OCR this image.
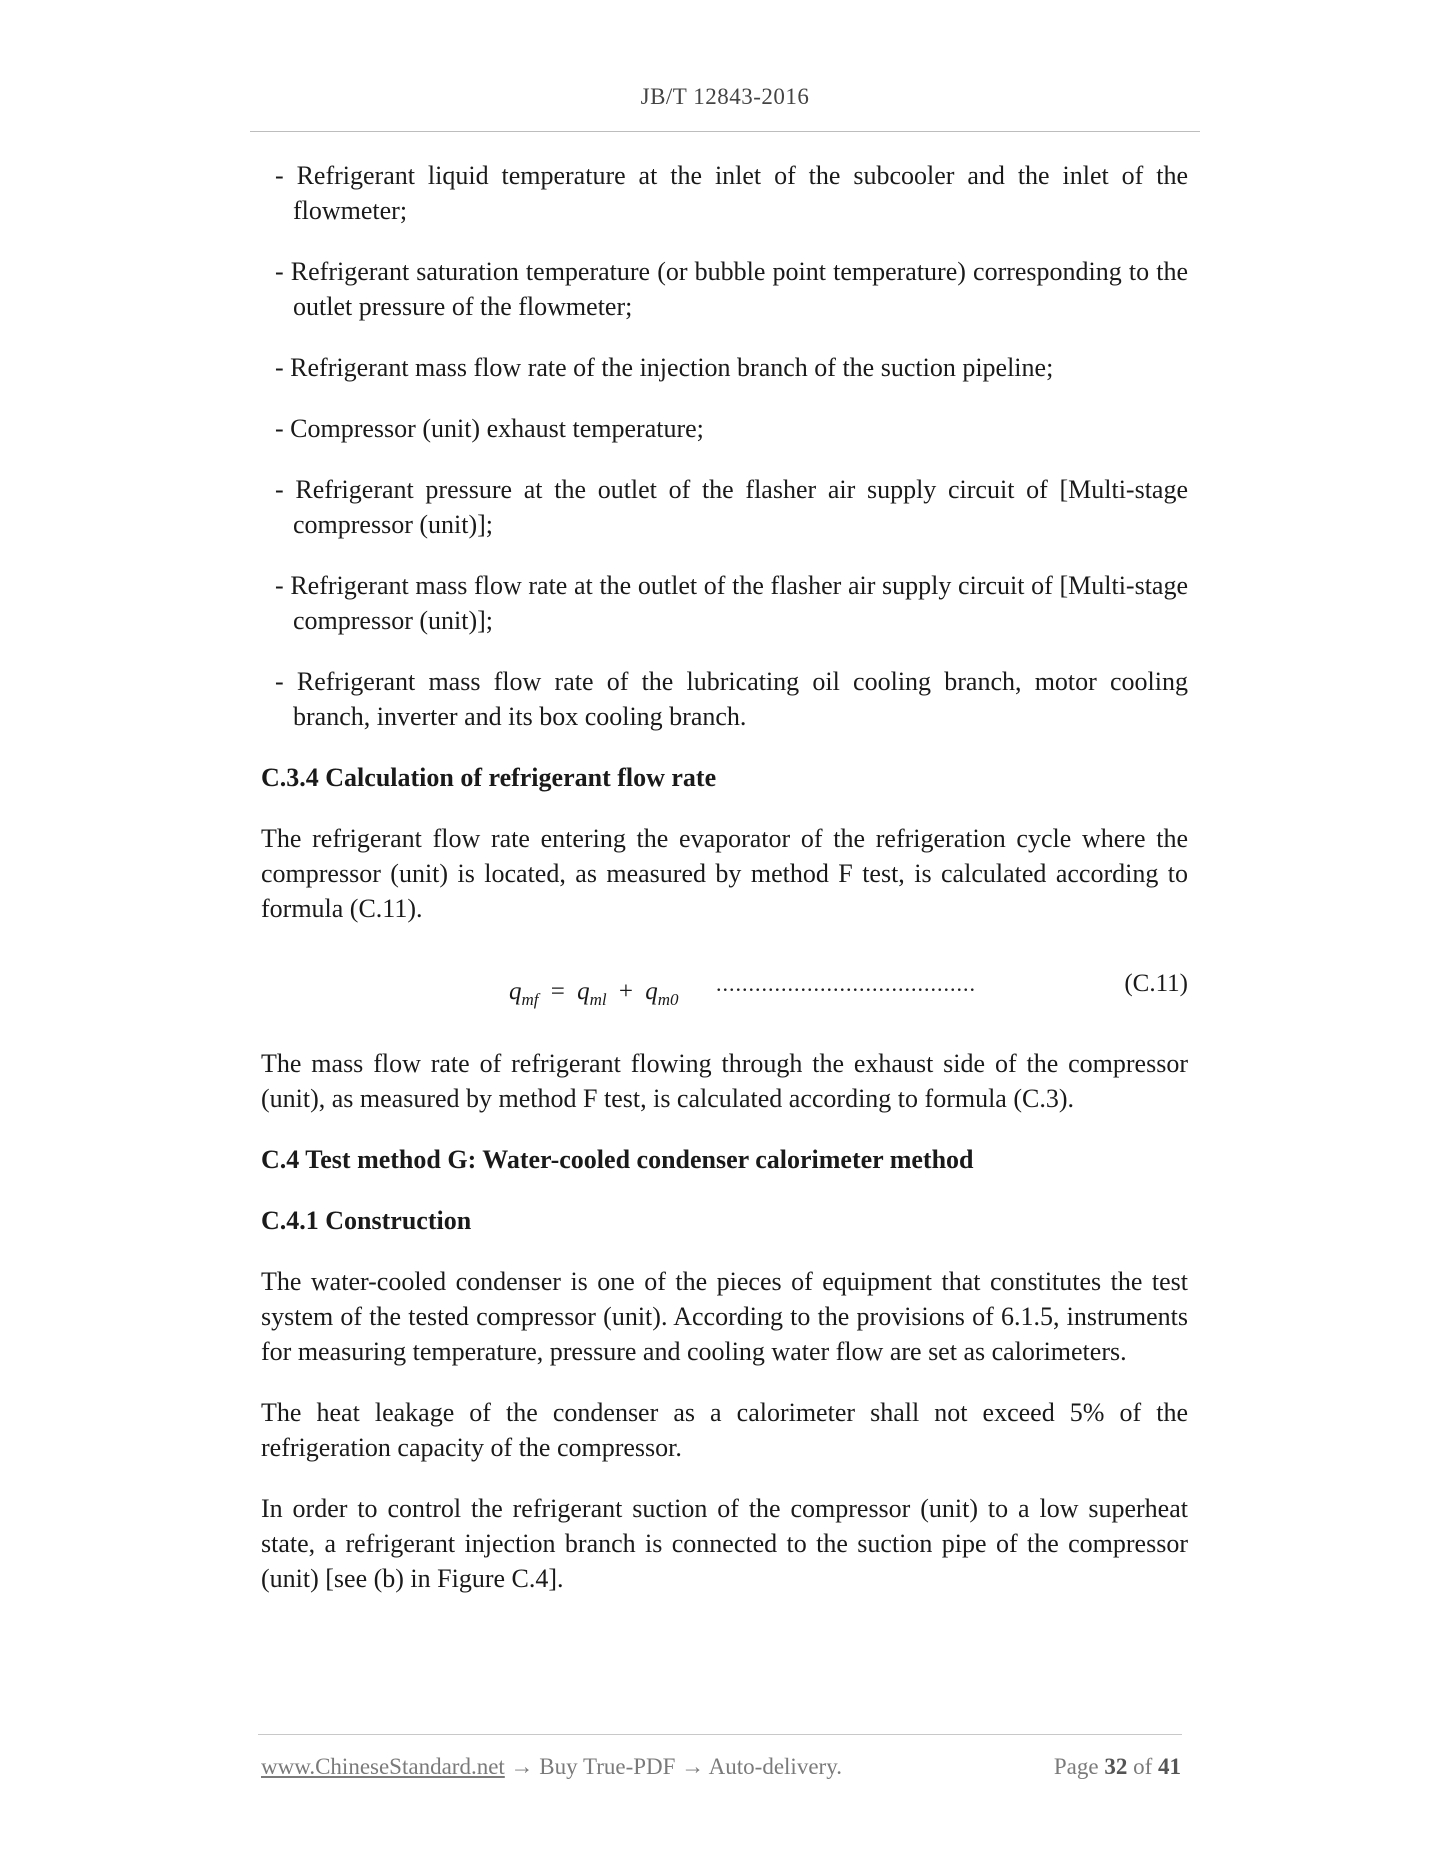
JB/T 12843-2016

- Refrigerant liquid temperature at the inlet of the subcooler and the inlet of the flowmeter;

- Refrigerant saturation temperature (or bubble point temperature) corresponding to the outlet pressure of the flowmeter;

- Refrigerant mass flow rate of the injection branch of the suction pipeline;

- Compressor (unit) exhaust temperature;

- Refrigerant pressure at the outlet of the flasher air supply circuit of [Multi-stage compressor (unit)];

- Refrigerant mass flow rate at the outlet of the flasher air supply circuit of [Multi-stage compressor (unit)];

- Refrigerant mass flow rate of the lubricating oil cooling branch, motor cooling branch, inverter and its box cooling branch.

C.3.4 Calculation of refrigerant flow rate

The refrigerant flow rate entering the evaporator of the refrigeration cycle where the compressor (unit) is located, as measured by method F test, is calculated according to formula (C.11).

$q_{mf} = q_{ml} + q_{m0}$
........................................	(C.11)

The mass flow rate of refrigerant flowing through the exhaust side of the compressor (unit), as measured by method F test, is calculated according to formula (C.3).

C.4 Test method G: Water-cooled condenser calorimeter method

C.4.1 Construction

The water-cooled condenser is one of the pieces of equipment that constitutes the test system of the tested compressor (unit). According to the provisions of 6.1.5, instruments for measuring temperature, pressure and cooling water flow are set as calorimeters.

The heat leakage of the condenser as a calorimeter shall not exceed 5% of the refrigeration capacity of the compressor.

In order to control the refrigerant suction of the compressor (unit) to a low superheat state, a refrigerant injection branch is connected to the suction pipe of the compressor (unit) [see (b) in Figure C.4].

www.ChineseStandard.net → Buy True-PDF → Auto-delivery.	Page 32 of 41
